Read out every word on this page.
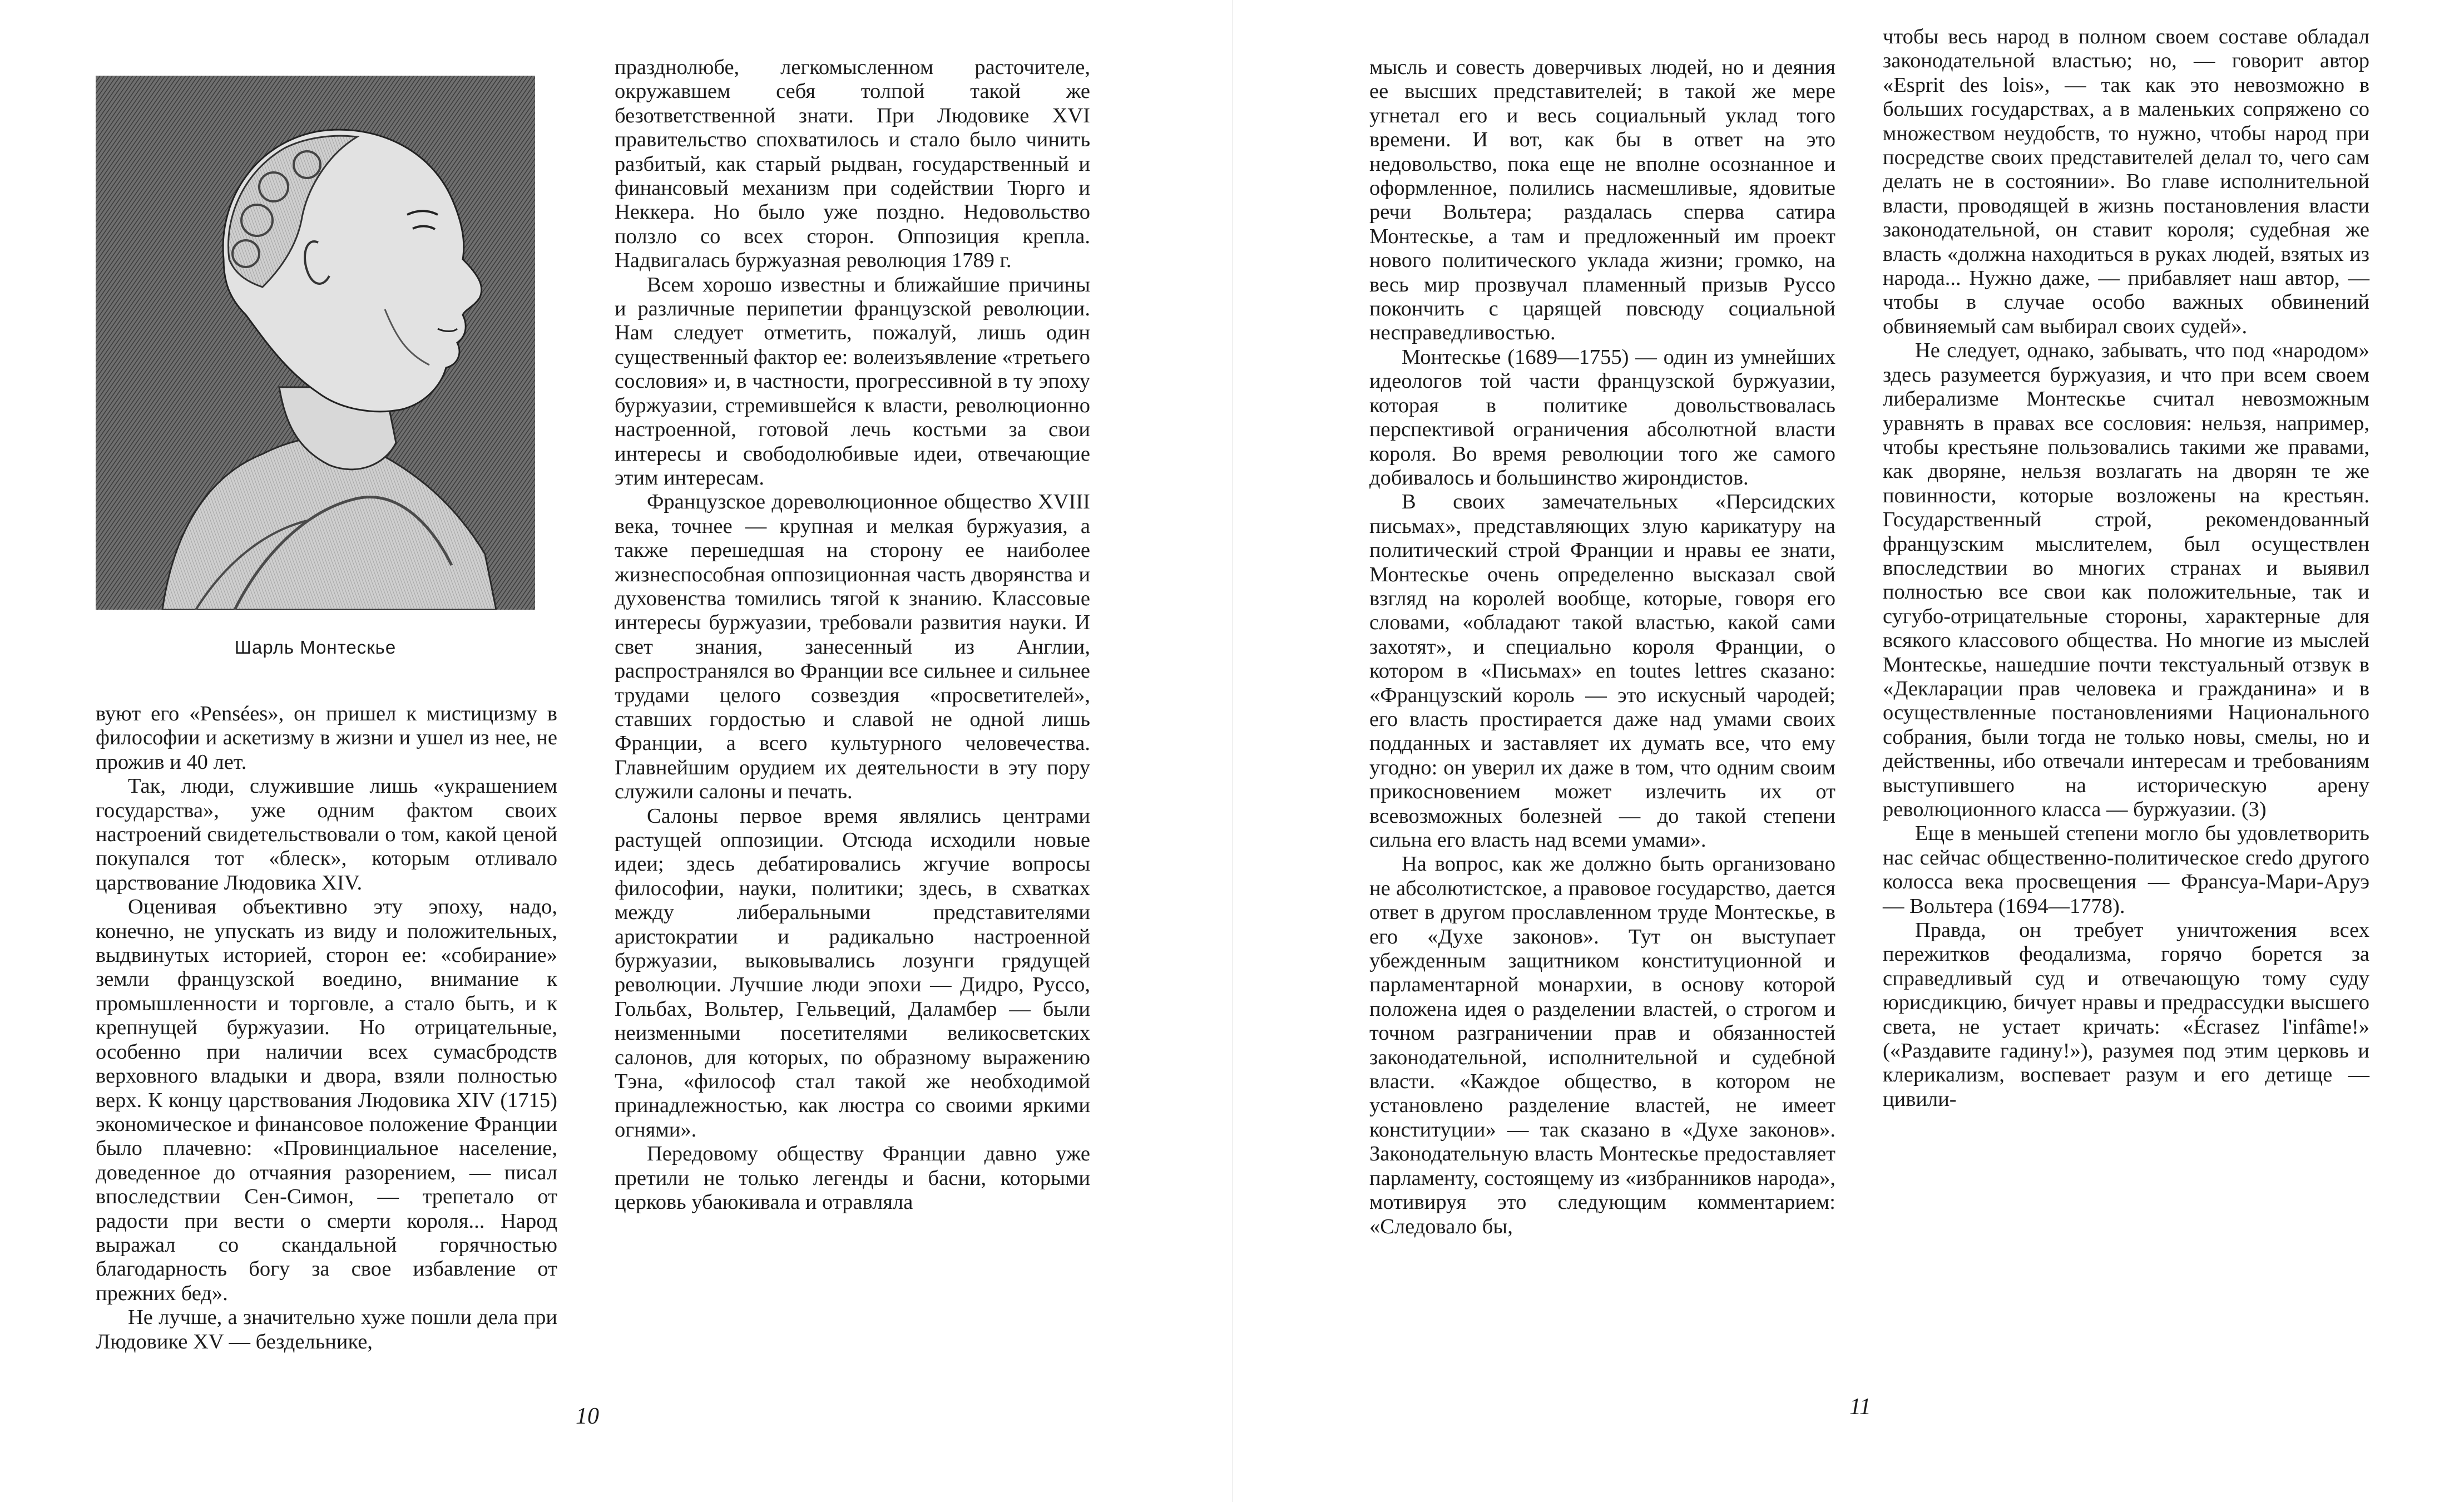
Шарль Монтескье

вуют его «Pensées», он пришел к мистицизму в философии и аскетизму в жизни и ушел из нее, не прожив и 40 лет.

Так, люди, служившие лишь «украшением государства», уже одним фактом своих настроений свидетельствовали о том, какой ценой покупался тот «блеск», которым отливало царствование Людовика XIV.

Оценивая объективно эту эпоху, надо, конечно, не упускать из виду и положительных, выдвинутых историей, сторон ее: «собирание» земли французской воедино, внимание к промышленности и торговле, а стало быть, и к крепнущей буржуазии. Но отрицательные, особенно при наличии всех сумасбродств верховного владыки и двора, взяли полностью верх. К концу царствования Людовика XIV (1715) экономическое и финансовое положение Франции было плачевно: «Провинциальное население, доведенное до отчаяния разорением, — писал впоследствии Сен-Симон, — трепетало от радости при вести о смерти короля... Народ выражал со скандальной горячностью благодарность богу за свое избавление от прежних бед».

Не лучше, а значительно хуже пошли дела при Людовике XV — бездельнике,

празднолюбе, легкомысленном расточителе, окружавшем себя толпой такой же безответственной знати. При Людовике XVI правительство спохватилось и стало было чинить разбитый, как старый рыдван, государственный и финансовый механизм при содействии Тюрго и Неккера. Но было уже поздно. Недовольство ползло со всех сторон. Оппозиция крепла. Надвигалась буржуазная революция 1789 г.

Всем хорошо известны и ближайшие причины и различные перипетии французской революции. Нам следует отметить, пожалуй, лишь один существенный фактор ее: волеизъявление «третьего сословия» и, в частности, прогрессивной в ту эпоху буржуазии, стремившейся к власти, революционно настроенной, готовой лечь костьми за свои интересы и свободолюбивые идеи, отвечающие этим интересам.

Французское дореволюционное общество XVIII века, точнее — крупная и мелкая буржуазия, а также перешедшая на сторону ее наиболее жизнеспособная оппозиционная часть дворянства и духовенства томились тягой к знанию. Классовые интересы буржуазии, требовали развития науки. И свет знания, занесенный из Англии, распространялся во Франции все сильнее и сильнее трудами целого созвездия «просветителей», ставших гордостью и славой не одной лишь Франции, а всего культурного человечества. Главнейшим орудием их деятельности в эту пору служили салоны и печать.

Салоны первое время являлись центрами растущей оппозиции. Отсюда исходили новые идеи; здесь дебатировались жгучие вопросы философии, науки, политики; здесь, в схватках между либеральными представителями аристократии и радикально настроенной буржуазии, выковывались лозунги грядущей революции. Лучшие люди эпохи — Дидро, Руссо, Гольбах, Вольтер, Гельвеций, Даламбер — были неизменными посетителями великосветских салонов, для которых, по образному выражению Тэна, «философ стал такой же необходимой принадлежностью, как люстра со своими яркими огнями».

Передовому обществу Франции давно уже претили не только легенды и басни, которыми церковь убаюкивала и отравляла

10

мысль и совесть доверчивых людей, но и деяния ее высших представителей; в такой же мере угнетал его и весь социальный уклад того времени. И вот, как бы в ответ на это недовольство, пока еще не вполне осознанное и оформленное, полились насмешливые, ядовитые речи Вольтера; раздалась сперва сатира Монтескье, а там и предложенный им проект нового политического уклада жизни; громко, на весь мир прозвучал пламенный призыв Руссо покончить с царящей повсюду социальной несправедливостью.

Монтескье (1689—1755) — один из умнейших идеологов той части французской буржуазии, которая в политике довольствовалась перспективой ограничения абсолютной власти короля. Во время революции того же самого добивалось и большинство жирондистов.

В своих замечательных «Персидских письмах», представляющих злую карикатуру на политический строй Франции и нравы ее знати, Монтескье очень определенно высказал свой взгляд на королей вообще, которые, говоря его словами, «обладают такой властью, какой сами захотят», и специально короля Франции, о котором в «Письмах» en toutes lettres сказано: «Французский король — это искусный чародей; его власть простирается даже над умами своих подданных и заставляет их думать все, что ему угодно: он уверил их даже в том, что одним своим прикосновением может излечить их от всевозможных болезней — до такой степени сильна его власть над всеми умами».

На вопрос, как же должно быть организовано не абсолютистское, а правовое государство, дается ответ в другом прославленном труде Монтескье, в его «Духе законов». Тут он выступает убежденным защитником конституционной и парламентарной монархии, в основу которой положена идея о разделении властей, о строгом и точном разграничении прав и обязанностей законодательной, исполнительной и судебной власти. «Каждое общество, в котором не установлено разделение властей, не имеет конституции» — так сказано в «Духе законов». Законодательную власть Монтескье предоставляет парламенту, состоящему из «избранников народа», мотивируя это следующим комментарием: «Следовало бы,

чтобы весь народ в полном своем составе обладал законодательной властью; но, — говорит автор «Esprit des lois», — так как это невозможно в больших государствах, а в маленьких сопряжено со множеством неудобств, то нужно, чтобы народ при посредстве своих представителей делал то, чего сам делать не в состоянии». Во главе исполнительной власти, проводящей в жизнь постановления власти законодательной, он ставит короля; судебная же власть «должна находиться в руках людей, взятых из народа... Нужно даже, — прибавляет наш автор, — чтобы в случае особо важных обвинений обвиняемый сам выбирал своих судей».

Не следует, однако, забывать, что под «народом» здесь разумеется буржуазия, и что при всем своем либерализме Монтескье считал невозможным уравнять в правах все сословия: нельзя, например, чтобы крестьяне пользовались такими же правами, как дворяне, нельзя возлагать на дворян те же повинности, которые возложены на крестьян. Государственный строй, рекомендованный французским мыслителем, был осуществлен впоследствии во многих странах и выявил полностью все свои как положительные, так и сугубо-отрицательные стороны, характерные для всякого классового общества. Но многие из мыслей Монтескье, нашедшие почти текстуальный отзвук в «Декларации прав человека и гражданина» и в осуществленные постановлениями Национального собрания, были тогда не только новы, смелы, но и действенны, ибо отвечали интересам и требованиям выступившего на историческую арену революционного класса — буржуазии. (3)

Еще в меньшей степени могло бы удовлетворить нас сейчас общественно-политическое credo другого колосса века просвещения — Франсуа-Мари-Аруэ — Вольтера (1694—1778).

Правда, он требует уничтожения всех пережитков феодализма, горячо борется за справедливый суд и отвечающую тому суду юрисдикцию, бичует нравы и предрассудки высшего света, не устает кричать: «Écrasez l'infâme!» («Раздавите гадину!»), разумея под этим церковь и клерикализм, воспевает разум и его детище — цивили-

11
